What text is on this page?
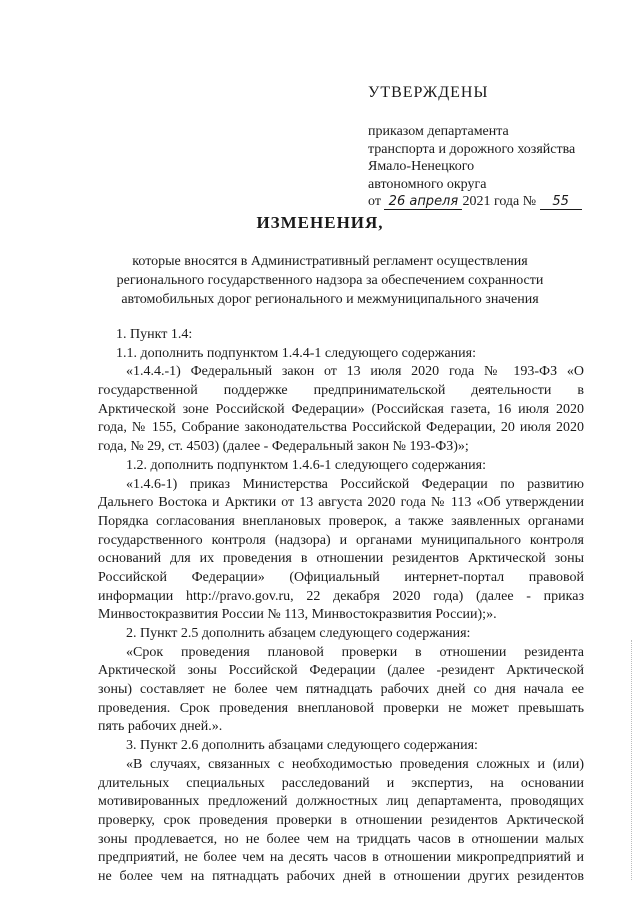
УТВЕРЖДЕНЫ
приказом департамента
транспорта и дорожного хозяйства
Ямало-Ненецкого
автономного округа
от 26 апреля 2021 года № 55
ИЗМЕНЕНИЯ,
которые вносятся в Административный регламент осуществления
регионального государственного надзора за обеспечением сохранности
автомобильных дорог регионального и межмуниципального значения
1. Пункт 1.4:
1.1. дополнить подпунктом 1.4.4-1 следующего содержания:
«1.4.4.-1) Федеральный закон от 13 июля 2020 года № 193-ФЗ «О
государственной поддержке предпринимательской деятельности в
Арктической зоне Российской Федерации» (Российская газета, 16 июля 2020
года, № 155, Собрание законодательства Российской Федерации, 20 июля 2020
года, № 29, ст. 4503) (далее - Федеральный закон № 193-ФЗ)»;
1.2. дополнить подпунктом 1.4.6-1 следующего содержания:
«1.4.6-1) приказ Министерства Российской Федерации по развитию
Дальнего Востока и Арктики от 13 августа 2020 года № 113 «Об утверждении
Порядка согласования внеплановых проверок, а также заявленных органами
государственного контроля (надзора) и органами муниципального контроля
оснований для их проведения в отношении резидентов Арктической зоны
Российской Федерации» (Официальный интернет-портал правовой
информации http://pravo.gov.ru, 22 декабря 2020 года) (далее - приказ
Минвостокразвития России № 113, Минвостокразвития России);».
2. Пункт 2.5 дополнить абзацем следующего содержания:
«Срок проведения плановой проверки в отношении резидента
Арктической зоны Российской Федерации (далее -резидент Арктической
зоны) составляет не более чем пятнадцать рабочих дней со дня начала ее
проведения. Срок проведения внеплановой проверки не может превышать
пять рабочих дней.».
3. Пункт 2.6 дополнить абзацами следующего содержания:
«В случаях, связанных с необходимостью проведения сложных и (или)
длительных специальных расследований и экспертиз, на основании
мотивированных предложений должностных лиц департамента, проводящих
проверку, срок проведения проверки в отношении резидентов Арктической
зоны продлевается, но не более чем на тридцать часов в отношении малых
предприятий, не более чем на десять часов в отношении микропредприятий и
не более чем на пятнадцать рабочих дней в отношении других резидентов
